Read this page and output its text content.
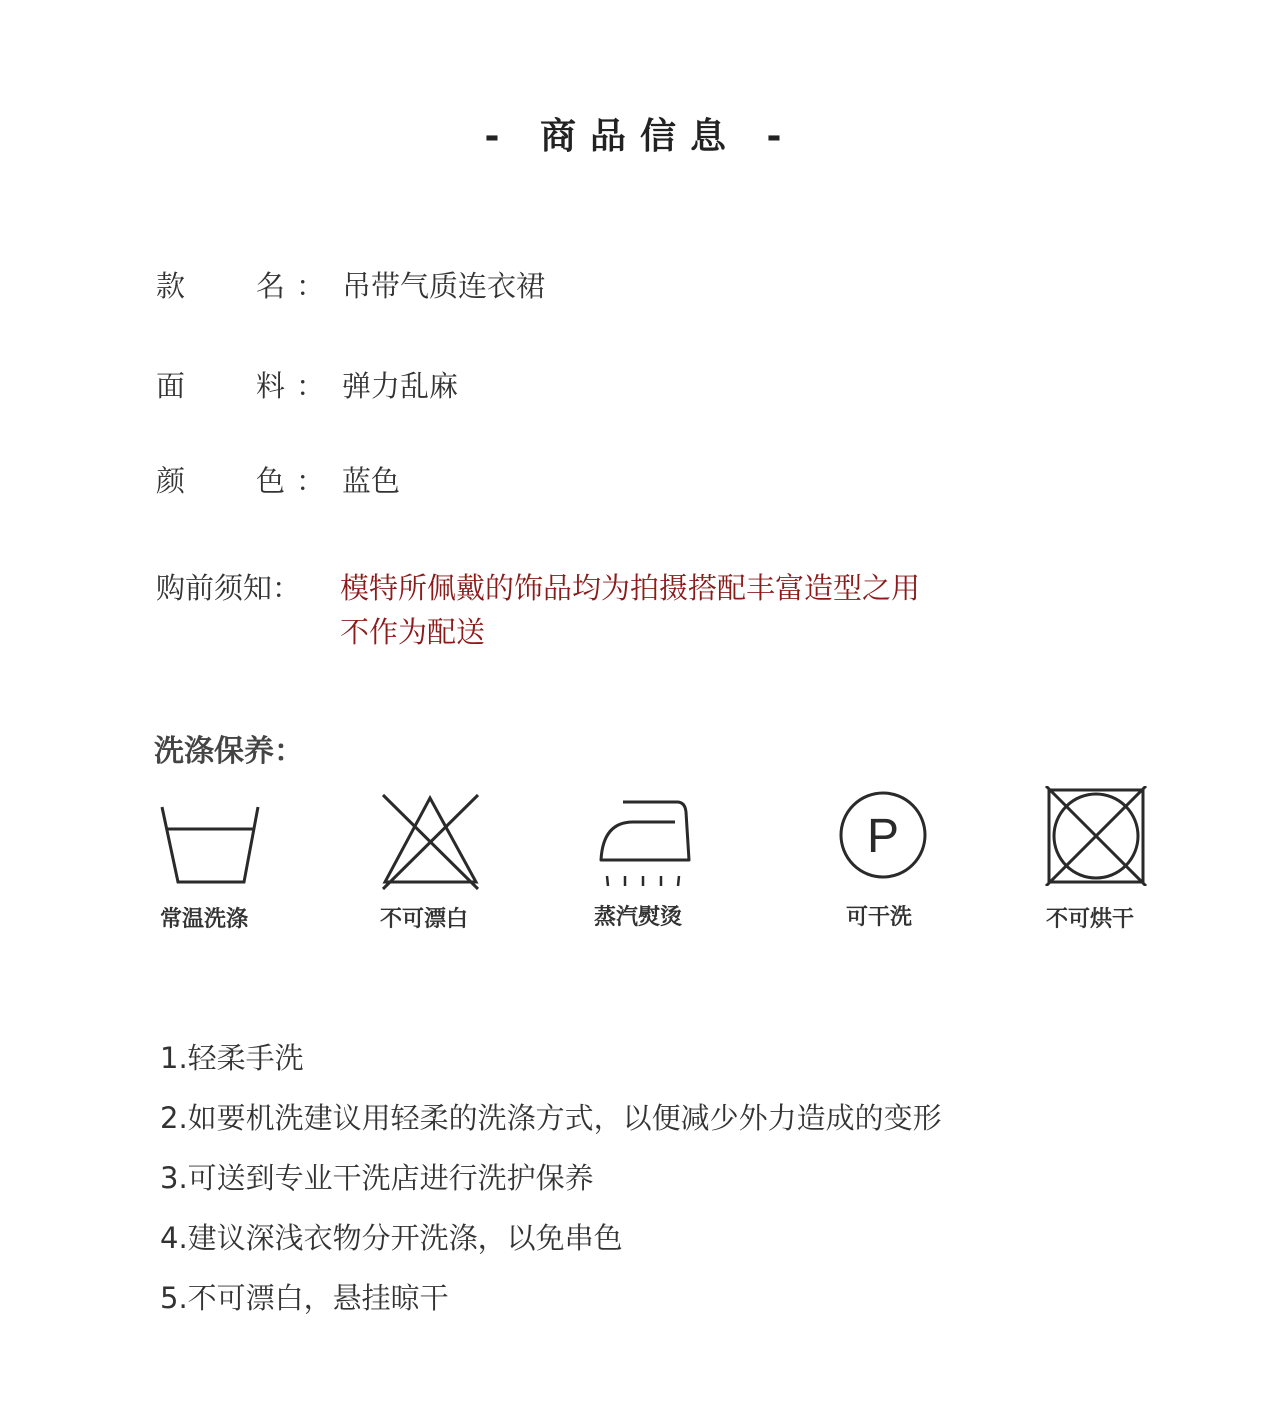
- 商品信息 -
款 名 ： 吊带气质连衣裙
面 料 ： 弹力乱麻
颜 色 ： 蓝色
购前须知： 模特所佩戴的饰品均为拍摄搭配丰富造型之用
不作为配送
洗涤保养：
常温洗涤	不可漂白	蒸汽熨烫
P
可干洗	不可烘干
1.轻柔手洗
2.如要机洗建议用轻柔的洗涤方式，以便减少外力造成的变形
3.可送到专业干洗店进行洗护保养
4.建议深浅衣物分开洗涤，以免串色
5.不可漂白，悬挂晾干
